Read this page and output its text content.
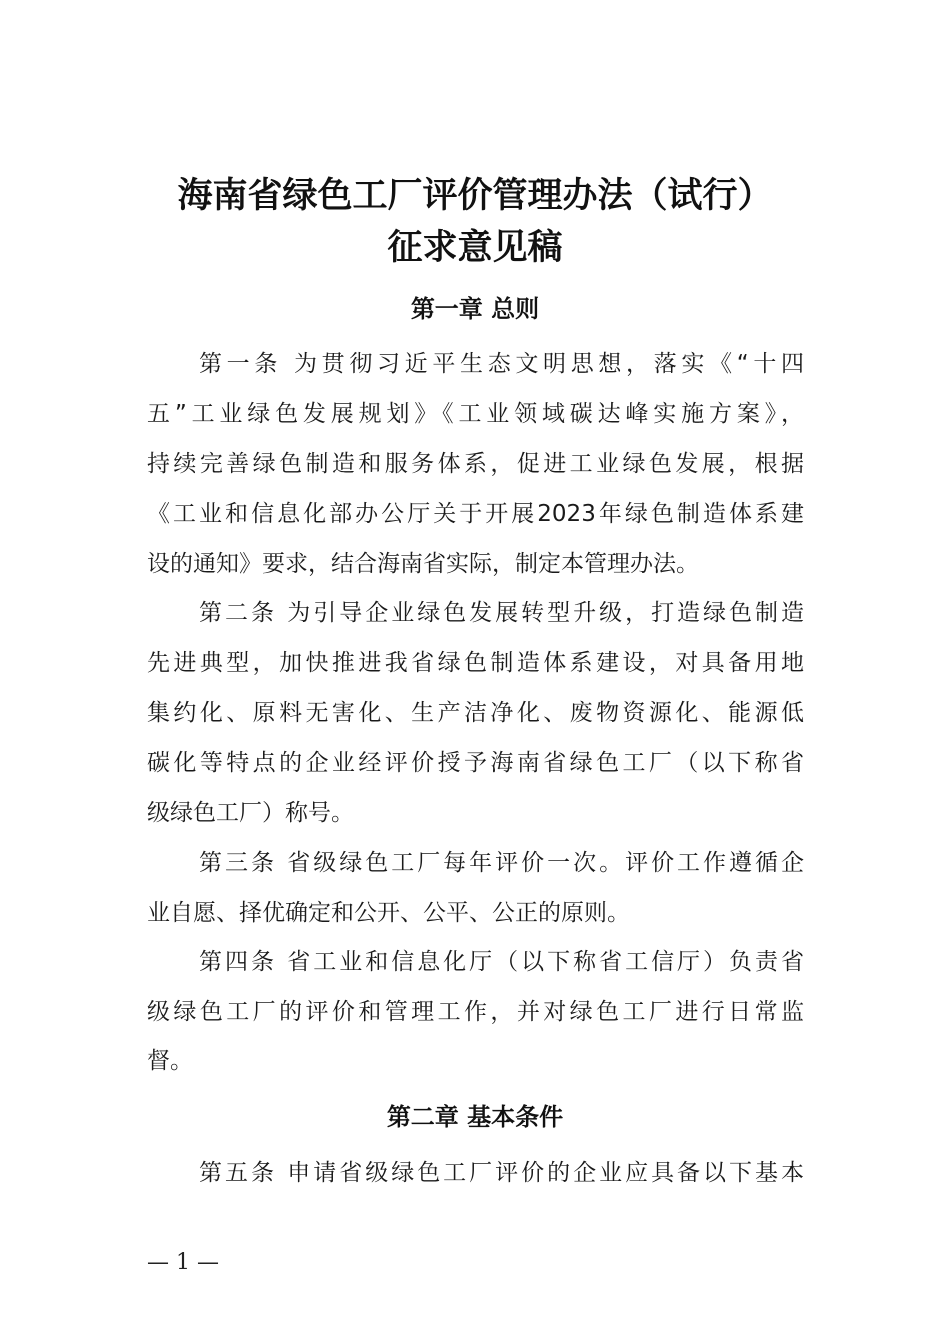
海南省绿色工厂评价管理办法（试行）
征求意见稿
第一章 总则
第一条 为贯彻习近平生态文明思想，落实《“十四
五”工业绿色发展规划》《工业领域碳达峰实施方案》，
持续完善绿色制造和服务体系，促进工业绿色发展，根据
《工业和信息化部办公厅关于开展2023年绿色制造体系建
设的通知》要求，结合海南省实际，制定本管理办法。
第二条 为引导企业绿色发展转型升级，打造绿色制造
先进典型，加快推进我省绿色制造体系建设，对具备用地
集约化、原料无害化、生产洁净化、废物资源化、能源低
碳化等特点的企业经评价授予海南省绿色工厂（以下称省
级绿色工厂）称号。
第三条 省级绿色工厂每年评价一次。评价工作遵循企
业自愿、择优确定和公开、公平、公正的原则。
第四条 省工业和信息化厅（以下称省工信厅）负责省
级绿色工厂的评价和管理工作，并对绿色工厂进行日常监
督。
第二章 基本条件
第五条 申请省级绿色工厂评价的企业应具备以下基本
— 1 —
